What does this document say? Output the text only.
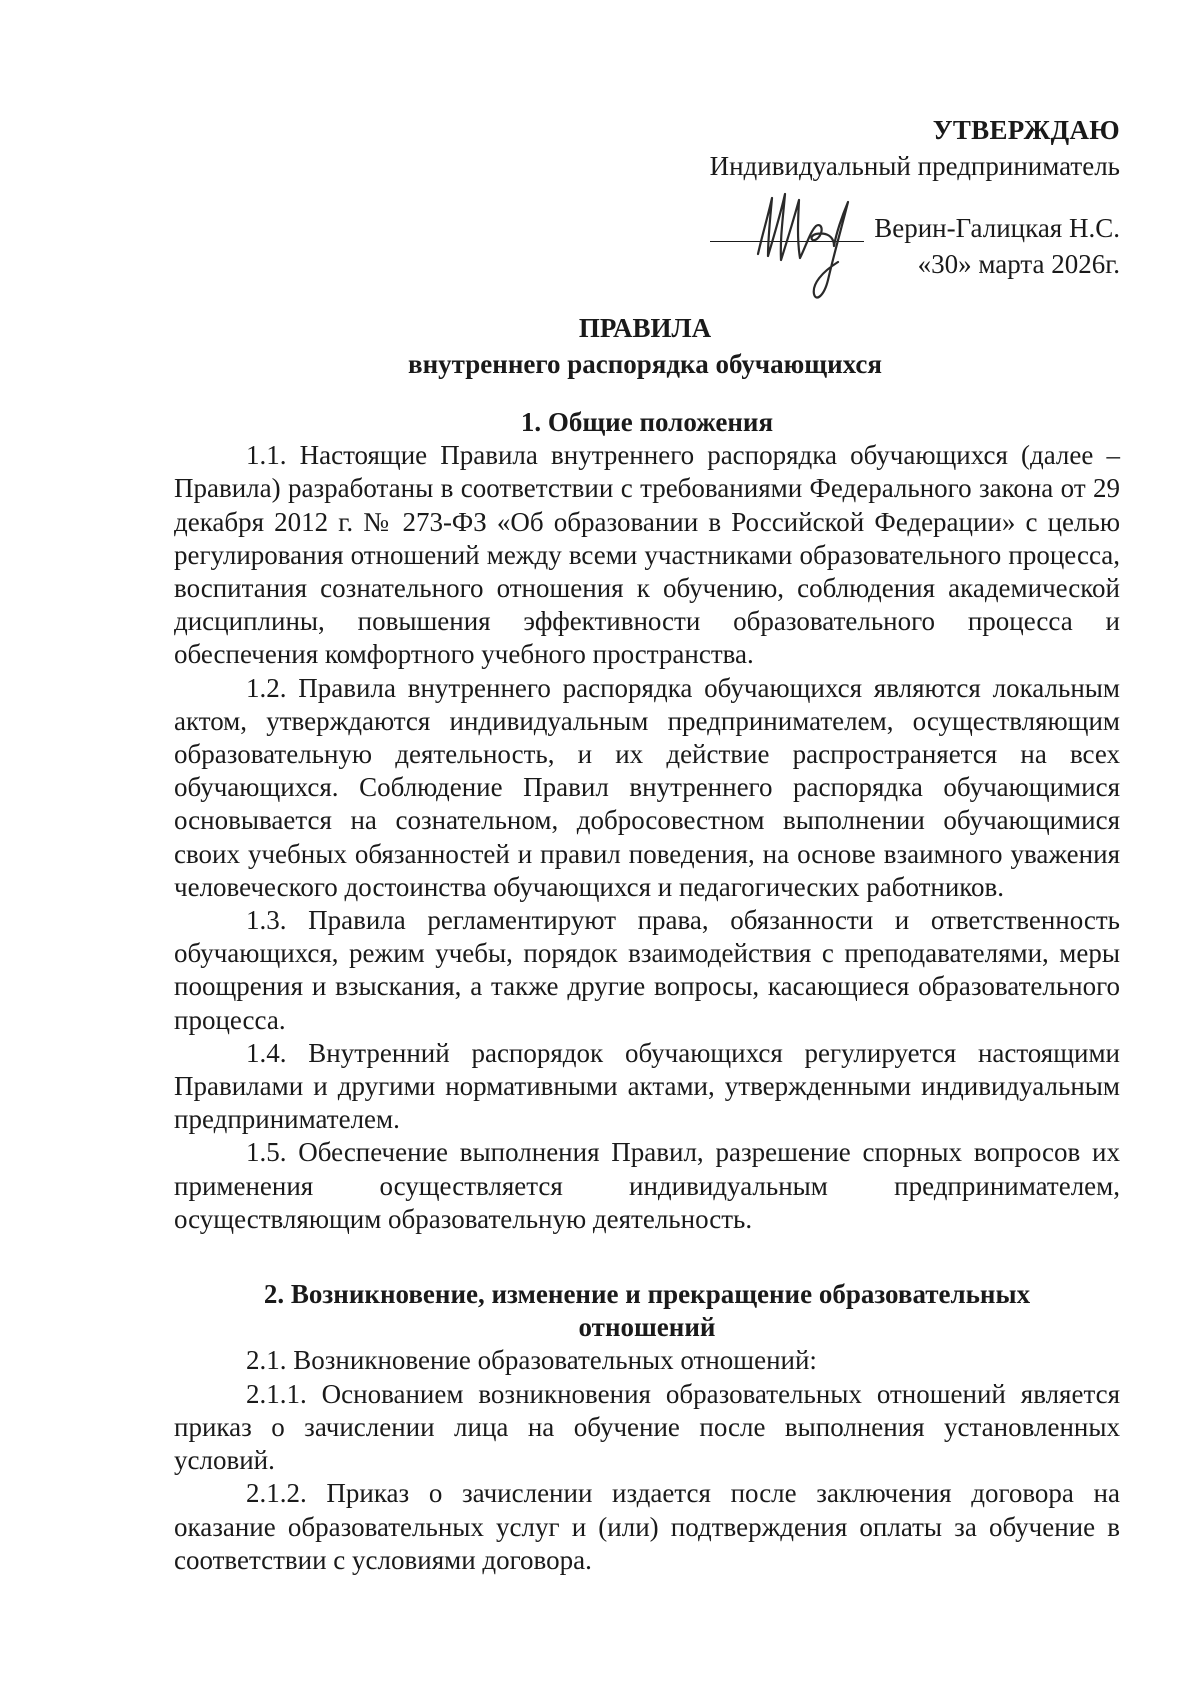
УТВЕРЖДАЮ
Индивидуальный предприниматель
Верин-Галицкая Н.С.
«30» марта 2026г.
ПРАВИЛА
внутреннего распорядка обучающихся
1. Общие положения

1.1. Настоящие Правила внутреннего распорядка обучающихся (далее – Правила) разработаны в соответствии с требованиями Федерального закона от 29 декабря 2012 г. № 273-ФЗ «Об образовании в Российской Федерации» с целью регулирования отношений между всеми участниками образовательного процесса, воспитания сознательного отношения к обучению, соблюдения академической дисциплины, повышения эффективности образовательного процесса и обеспечения комфортного учебного пространства.

1.2. Правила внутреннего распорядка обучающихся являются локальным актом, утверждаются индивидуальным предпринимателем, осуществляющим образовательную деятельность, и их действие распространяется на всех обучающихся. Соблюдение Правил внутреннего распорядка обучающимися основывается на сознательном, добросовестном выполнении обучающимися своих учебных обязанностей и правил поведения, на основе взаимного уважения человеческого достоинства обучающихся и педагогических работников.

1.3. Правила регламентируют права, обязанности и ответственность обучающихся, режим учебы, порядок взаимодействия с преподавателями, меры поощрения и взыскания, а также другие вопросы, касающиеся образовательного процесса.

1.4. Внутренний распорядок обучающихся регулируется настоящими Правилами и другими нормативными актами, утвержденными индивидуальным предпринимателем.

1.5. Обеспечение выполнения Правил, разрешение спорных вопросов их применения осуществляется индивидуальным предпринимателем, осуществляющим образовательную деятельность.

2. Возникновение, изменение и прекращение образовательных отношений

2.1. Возникновение образовательных отношений:

2.1.1. Основанием возникновения образовательных отношений является приказ о зачислении лица на обучение после выполнения установленных условий.

2.1.2. Приказ о зачислении издается после заключения договора на оказание образовательных услуг и (или) подтверждения оплаты за обучение в соответствии с условиями договора.
